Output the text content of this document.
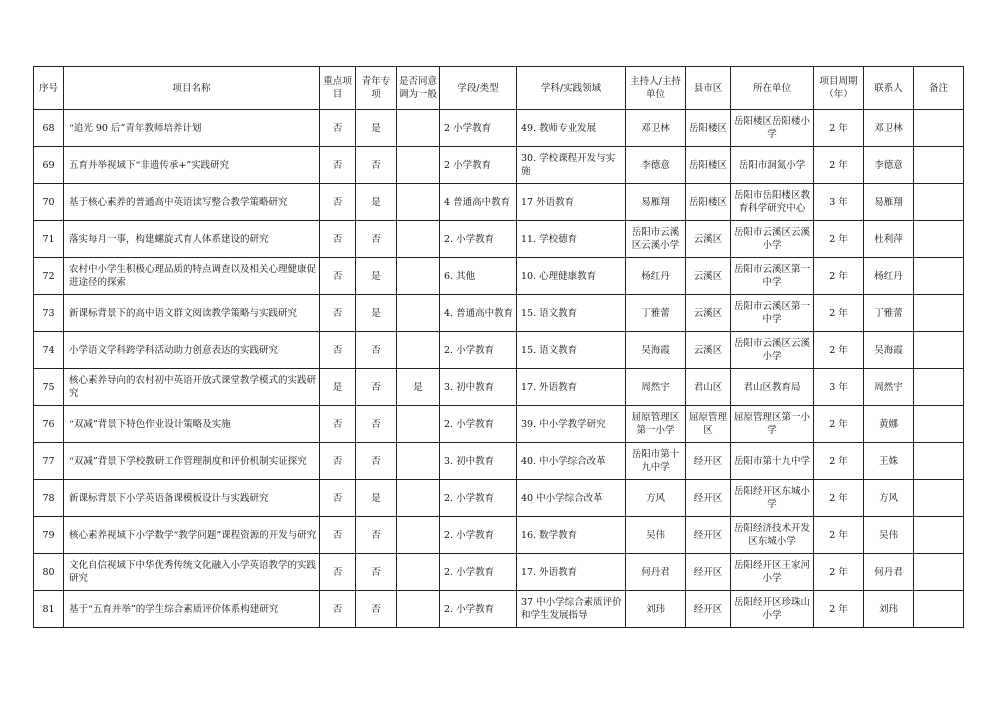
序号	项目名称	重点项目	青年专项	是否同意调为一般	学段/类型	学科/实践领域	主持人/主持单位	县市区	所在单位	项目周期（年）	联系人	备注
68	“追光 90 后”青年教师培养计划	否	是		2 小学教育	49. 教师专业发展	邓卫林	岳阳楼区	岳阳楼区岳阳楼小学	2 年	邓卫林	
69	五育并举视域下“非遗传承+”实践研究	否	否		2 小学教育	30. 学校课程开发与实施	李德意	岳阳楼区	岳阳市洞氮小学	2 年	李德意	
70	基于核心素养的普通高中英语读写整合教学策略研究	否	是		4 普通高中教育	17 外语教育	易雁翔	岳阳楼区	岳阳市岳阳楼区教育科学研究中心	3 年	易雁翔	
71	落实每月一事，构建螺旋式育人体系建设的研究	否	否		2. 小学教育	11. 学校德育	岳阳市云溪区云溪小学	云溪区	岳阳市云溪区云溪小学	2 年	杜利萍	
72	农村中小学生积极心理品质的特点调查以及相关心理健康促进途径的探索	否	是		6. 其他	10. 心理健康教育	杨红丹	云溪区	岳阳市云溪区第一中学	2 年	杨红丹	
73	新课标背景下的高中语文群文阅读教学策略与实践研究	否	是		4. 普通高中教育	15. 语文教育	丁雅蕾	云溪区	岳阳市云溪区第一中学	2 年	丁雅蕾	
74	小学语文学科跨学科活动助力创意表达的实践研究	否	否		2. 小学教育	15. 语文教育	吴海霞	云溪区	岳阳市云溪区云溪小学	2 年	吴海霞	
75	核心素养导向的农村初中英语开放式课堂教学模式的实践研究	是	否	是	3. 初中教育	17. 外语教育	周然宇	君山区	君山区教育局	3 年	周然宇	
76	“双减”背景下特色作业设计策略及实施	否	否		2. 小学教育	39. 中小学教学研究	屈原管理区第一小学	屈原管理区	屈原管理区第一小学	2 年	黄娜	
77	“双减”背景下学校教研工作管理制度和评价机制实证探究	否	否		3. 初中教育	40. 中小学综合改革	岳阳市第十九中学	经开区	岳阳市第十九中学	2 年	王姝	
78	新课标背景下小学英语备课模板设计与实践研究	否	是		2. 小学教育	40 中小学综合改革	方风	经开区	岳阳经开区东城小学	2 年	方风	
79	核心素养视域下小学数学“教学问题”课程资源的开发与研究	否	否		2. 小学教育	16. 数学教育	吴伟	经开区	岳阳经济技术开发区东城小学	2 年	吴伟	
80	文化自信视域下中华优秀传统文化融入小学英语教学的实践研究	否	否		2. 小学教育	17. 外语教育	何丹君	经开区	岳阳经开区王家河小学	2 年	何丹君	
81	基于“五育并举”的学生综合素质评价体系构建研究	否	否		2. 小学教育	37 中小学综合素质评价和学生发展指导	刘玮	经开区	岳阳经开区珍珠山小学	2 年	刘玮	
